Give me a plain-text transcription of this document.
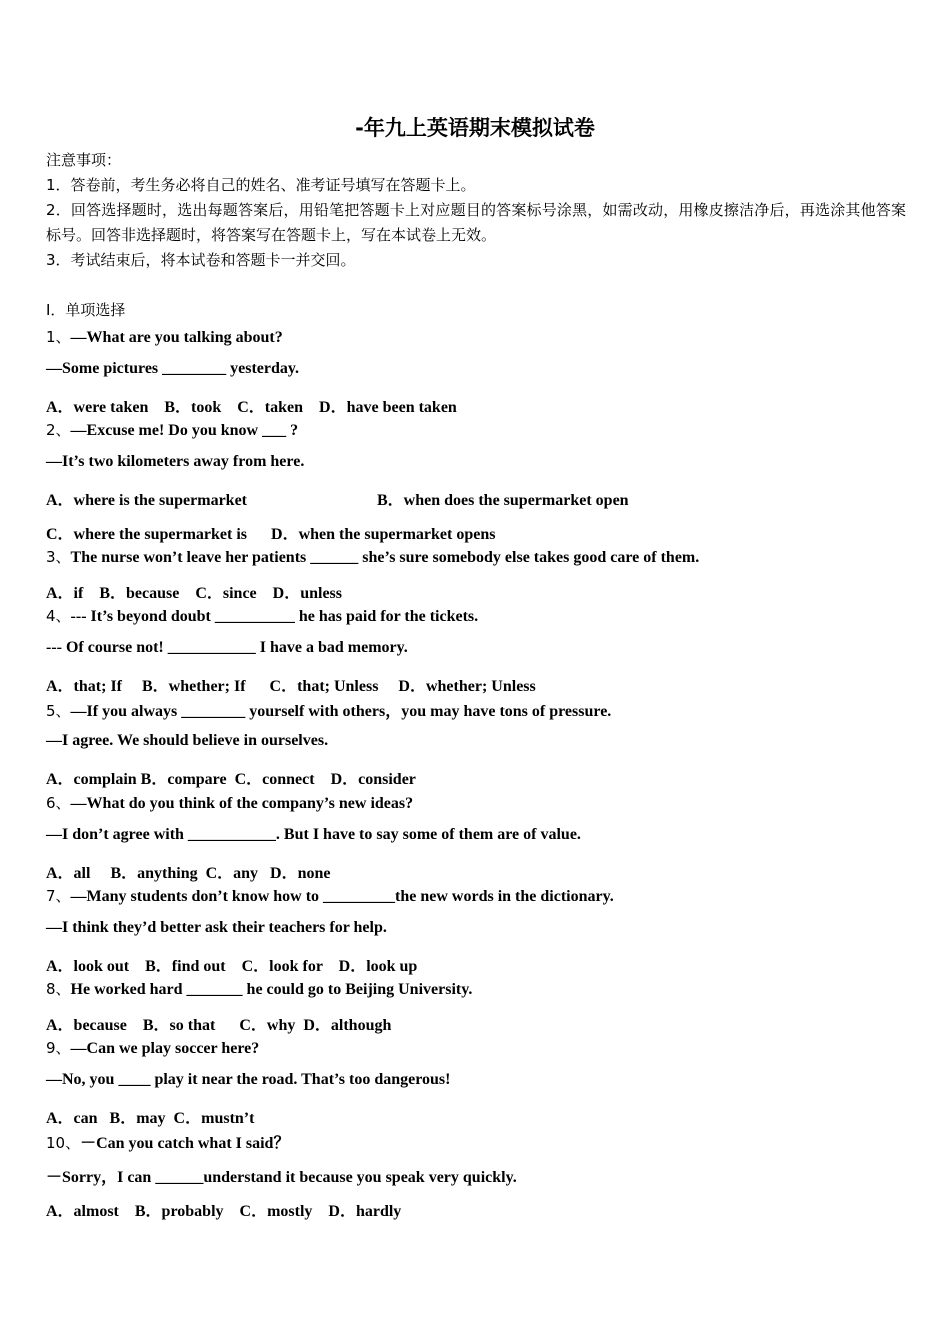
-年九上英语期末模拟试卷
注意事项：
1．答卷前，考生务必将自己的姓名、准考证号填写在答题卡上。
2．回答选择题时，选出每题答案后，用铅笔把答题卡上对应题目的答案标号涂黑，如需改动，用橡皮擦洁净后，再选涂其他答案标号。回答非选择题时，将答案写在答题卡上，写在本试卷上无效。
3．考试结束后，将本试卷和答题卡一并交回。
Ⅰ．单项选择
1、—What are you talking about?
—Some pictures ________ yesterday.
A．were taken    B．took    C．taken    D．have been taken
2、—Excuse me! Do you know ___ ?
—It’s two kilometers away from here.
A．where is the supermarket	B．when does the supermarket open
C．where the supermarket is      D．when the supermarket opens
3、The nurse won’t leave her patients ______ she’s sure somebody else takes good care of them.
A．if    B．because    C．since    D．unless
4、--- It’s beyond doubt __________ he has paid for the tickets.
--- Of course not! ___________ I have a bad memory.
A．that; If     B．whether; If      C．that; Unless     D．whether; Unless
5、—If you always ________ yourself with others，you may have tons of pressure.
—I agree. We should believe in ourselves.
A．complain B．compare  C．connect    D．consider
6、—What do you think of the company’s new ideas?
—I don’t agree with ___________. But I have to say some of them are of value.
A．all     B．anything  C．any   D．none
7、—Many students don’t know how to _________the new words in the dictionary.
—I think they’d better ask their teachers for help.
A．look out    B．find out    C．look for    D．look up
8、He worked hard _______ he could go to Beijing University.
A．because    B．so that      C．why  D．although
9、—Can we play soccer here?
—No, you ____ play it near the road. That’s too dangerous!
A．can   B．may  C．mustn’t
10、－Can you catch what I said？
－Sorry，I can ______understand it because you speak very quickly.
A．almost    B．probably    C．mostly    D．hardly
